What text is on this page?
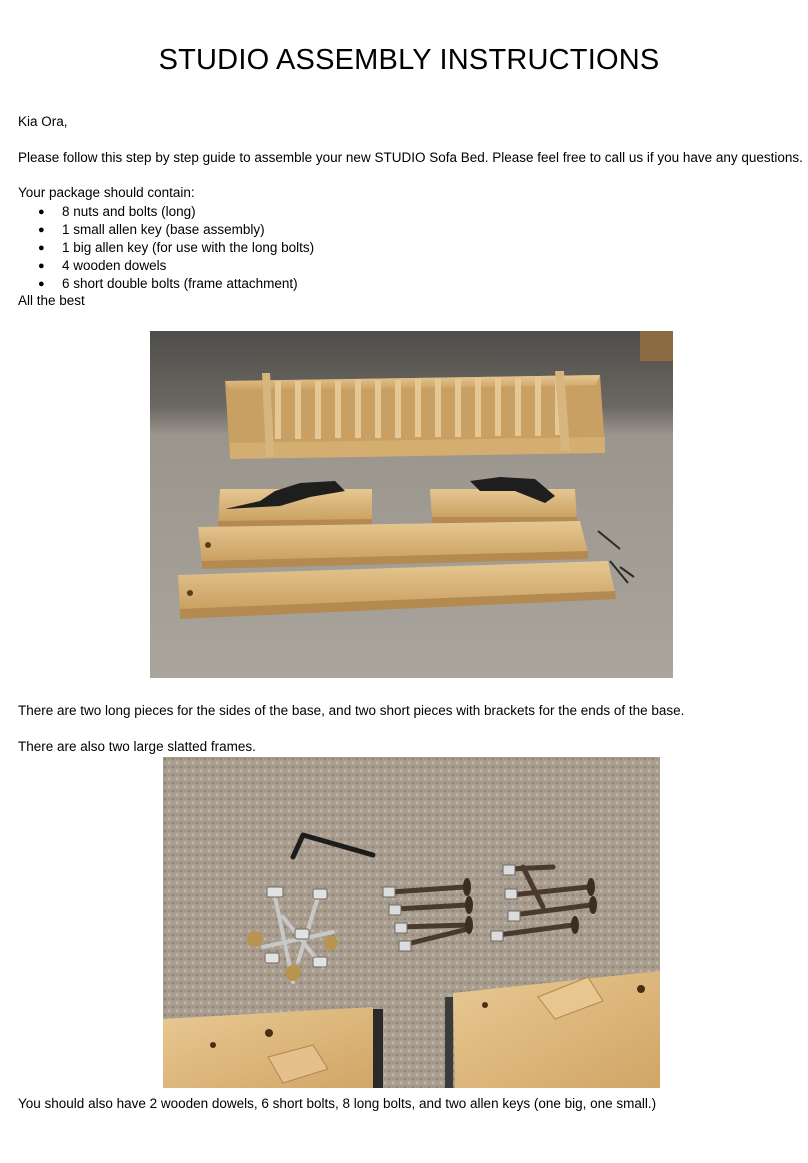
STUDIO ASSEMBLY INSTRUCTIONS

Kia Ora,

Please follow this step by step guide to assemble your new STUDIO Sofa Bed. Please feel free to call us if you have any questions.

Your package should contain:

● 8 nuts and bolts (long)
● 1 small allen key (base assembly)
● 1 big allen key (for use with the long bolts)
● 4 wooden dowels
● 6 short double bolts (frame attachment)

All the best

There are two long pieces for the sides of the base, and two short pieces with brackets for the ends of the base.

There are also two large slatted frames.

You should also have 2 wooden dowels, 6 short bolts, 8 long bolts, and two allen keys (one big, one small.)
